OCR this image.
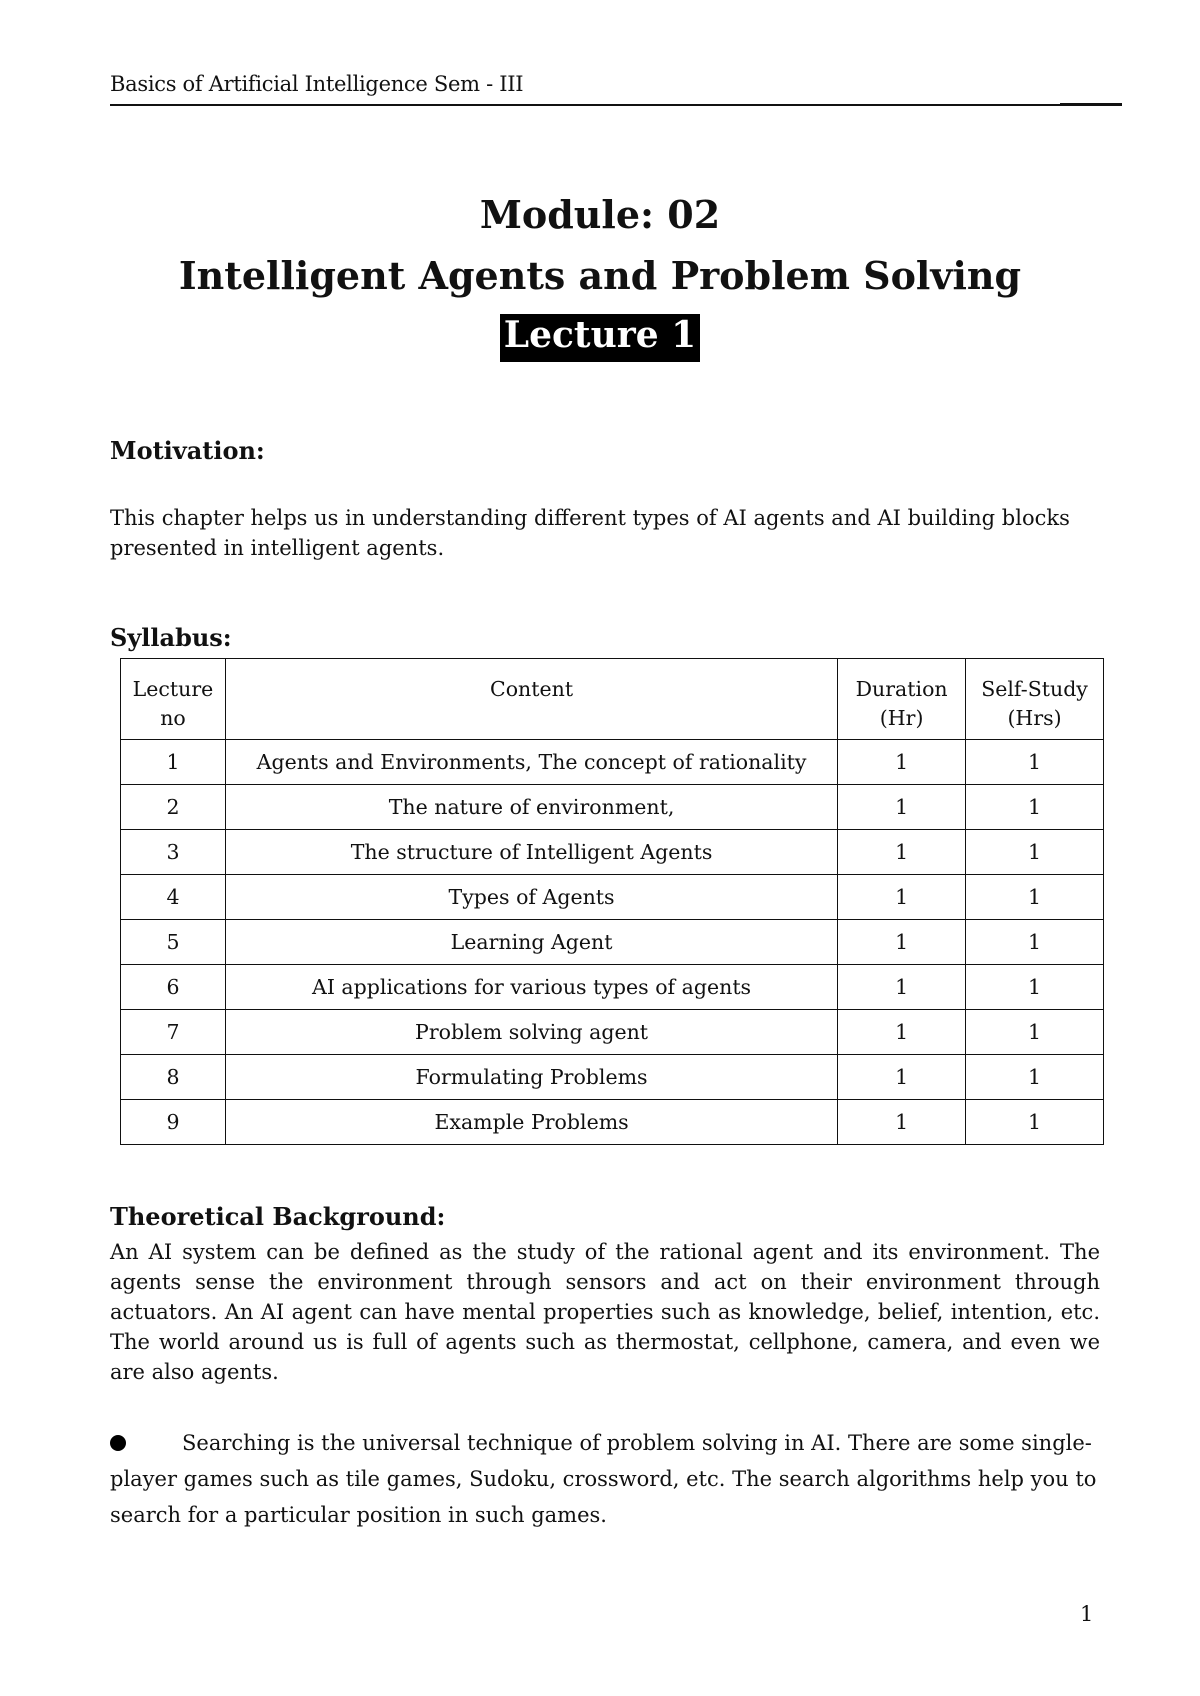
Basics of Artificial Intelligence Sem - III
Module: 02
Intelligent Agents and Problem Solving
Lecture 1
Motivation:
This chapter helps us in understanding different types of AI agents and AI building blocks presented in intelligent agents.
Syllabus:
Lecture no	Content	Duration (Hr)	Self-Study (Hrs)
1	Agents and Environments, The concept of rationality	1	1
2	The nature of environment,	1	1
3	The structure of Intelligent Agents	1	1
4	Types of Agents	1	1
5	Learning Agent	1	1
6	AI applications for various types of agents	1	1
7	Problem solving agent	1	1
8	Formulating Problems	1	1
9	Example Problems	1	1
Theoretical Background:
An AI system can be defined as the study of the rational agent and its environment. The agents sense the environment through sensors and act on their environment through actuators. An AI agent can have mental properties such as knowledge, belief, intention, etc. The world around us is full of agents such as thermostat, cellphone, camera, and even we are also agents.
Searching is the universal technique of problem solving in AI. There are some single-player games such as tile games, Sudoku, crossword, etc. The search algorithms help you to search for a particular position in such games.
1
